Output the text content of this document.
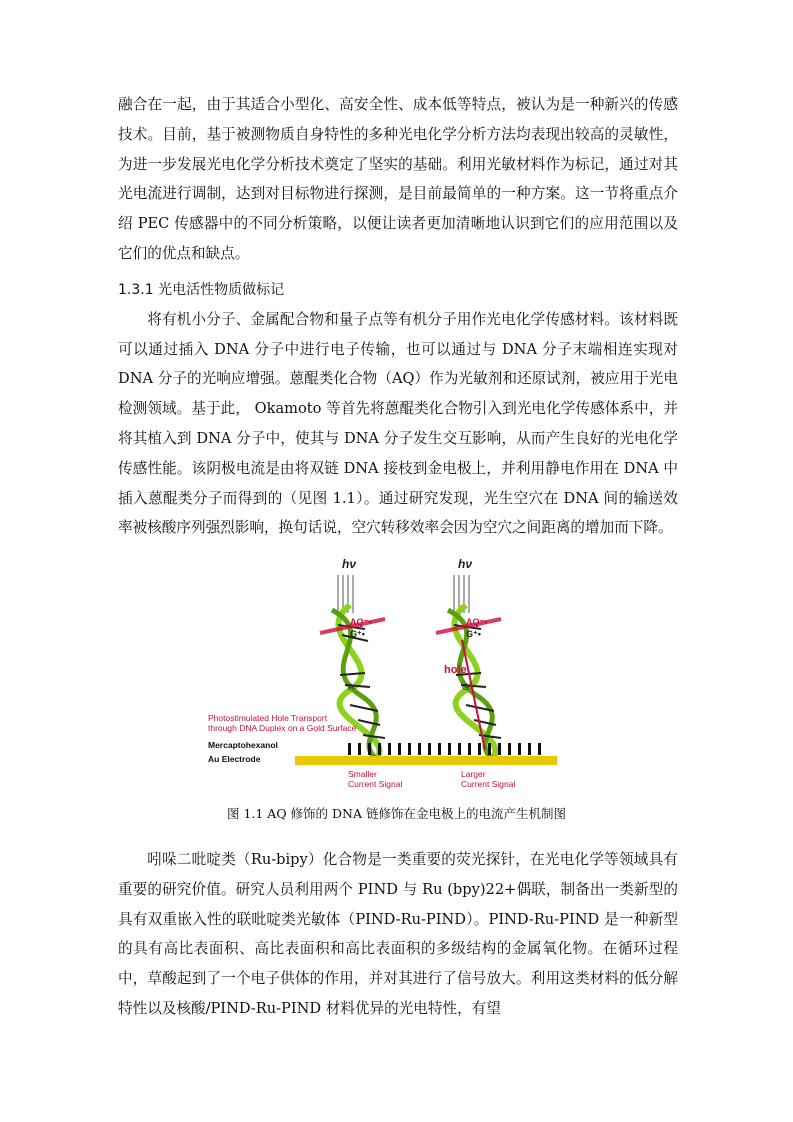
融合在一起，由于其适合小型化、高安全性、成本低等特点，被认为是一种新兴的传感技术。目前，基于被测物质自身特性的多种光电化学分析方法均表现出较高的灵敏性，为进一步发展光电化学分析技术奠定了坚实的基础。利用光敏材料作为标记，通过对其光电流进行调制，达到对目标物进行探测，是目前最简单的一种方案。这一节将重点介绍 PEC 传感器中的不同分析策略，以便让读者更加清晰地认识到它们的应用范围以及它们的优点和缺点。

1.3.1 光电活性物质做标记

将有机小分子、金属配合物和量子点等有机分子用作光电化学传感材料。该材料既可以通过插入 DNA 分子中进行电子传输，也可以通过与 DNA 分子末端相连实现对 DNA 分子的光响应增强。蒽醌类化合物（AQ）作为光敏剂和还原试剂，被应用于光电检测领域。基于此， Okamoto 等首先将蒽醌类化合物引入到光电化学传感体系中，并将其植入到 DNA 分子中，使其与 DNA 分子发生交互影响，从而产生良好的光电化学传感性能。该阴极电流是由将双链 DNA 接枝到金电极上，并利用静电作用在 DNA 中插入蒽醌类分子而得到的（见图 1.1）。通过研究发现，光生空穴在 DNA 间的输送效率被核酸序列强烈影响，换句话说，空穴转移效率会因为空穴之间距离的增加而下降。

hν	hν
AQ⁻•
G⁺•
A
AQ⁻•
G⁺•
hole
G
Photostimulated Hole Transport
through DNA Duplex on a Gold Surface
Mercaptohexanol
Au Electrode
Smaller
Current Signal
Larger
Current Signal
图 1.1 AQ 修饰的 DNA 链修饰在金电极上的电流产生机制图

吲哚二吡啶类（Ru-bipy）化合物是一类重要的荧光探针，在光电化学等领域具有重要的研究价值。研究人员利用两个 PIND 与 Ru (bpy)22+偶联，制备出一类新型的具有双重嵌入性的联吡啶类光敏体（PIND-Ru-PIND）。PIND-Ru-PIND 是一种新型的具有高比表面积、高比表面积和高比表面积的多级结构的金属氧化物。在循环过程中，草酸起到了一个电子供体的作用，并对其进行了信号放大。利用这类材料的低分解特性以及核酸/PIND-Ru-PIND 材料优异的光电特性，有望
